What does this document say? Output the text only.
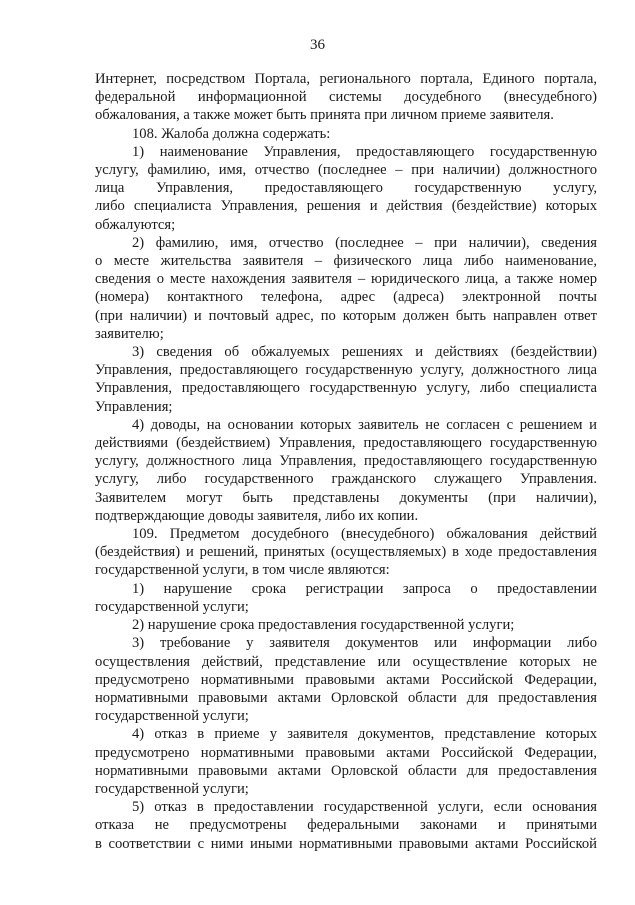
36

Интернет, посредством Портала, регионального портала, Единого портала,

федеральной информационной системы досудебного (внесудебного)

обжалования, а также может быть принята при личном приеме заявителя.

108. Жалоба должна содержать:

1) наименование Управления, предоставляющего государственную

услугу, фамилию, имя, отчество (последнее – при наличии) должностного

лица Управления, предоставляющего государственную услугу,

либо специалиста Управления, решения и действия (бездействие) которых

обжалуются;

2) фамилию, имя, отчество (последнее – при наличии), сведения

о месте жительства заявителя – физического лица либо наименование,

сведения о месте нахождения заявителя – юридического лица, а также номер

(номера) контактного телефона, адрес (адреса) электронной почты

(при наличии) и почтовый адрес, по которым должен быть направлен ответ

заявителю;

3) сведения об обжалуемых решениях и действиях (бездействии)

Управления, предоставляющего государственную услугу, должностного лица

Управления, предоставляющего государственную услугу, либо специалиста

Управления;

4) доводы, на основании которых заявитель не согласен с решением и

действиями (бездействием) Управления, предоставляющего государственную

услугу, должностного лица Управления, предоставляющего государственную

услугу, либо государственного гражданского служащего Управления.

Заявителем могут быть представлены документы (при наличии),

подтверждающие доводы заявителя, либо их копии.

109. Предметом досудебного (внесудебного) обжалования действий

(бездействия) и решений, принятых (осуществляемых) в ходе предоставления

государственной услуги, в том числе являются:

1) нарушение срока регистрации запроса о предоставлении

государственной услуги;

2) нарушение срока предоставления государственной услуги;

3) требование у заявителя документов или информации либо

осуществления действий, представление или осуществление которых не

предусмотрено нормативными правовыми актами Российской Федерации,

нормативными правовыми актами Орловской области для предоставления

государственной услуги;

4) отказ в приеме у заявителя документов, представление которых

предусмотрено нормативными правовыми актами Российской Федерации,

нормативными правовыми актами Орловской области для предоставления

государственной услуги;

5) отказ в предоставлении государственной услуги, если основания

отказа не предусмотрены федеральными законами и принятыми

в соответствии с ними иными нормативными правовыми актами Российской
